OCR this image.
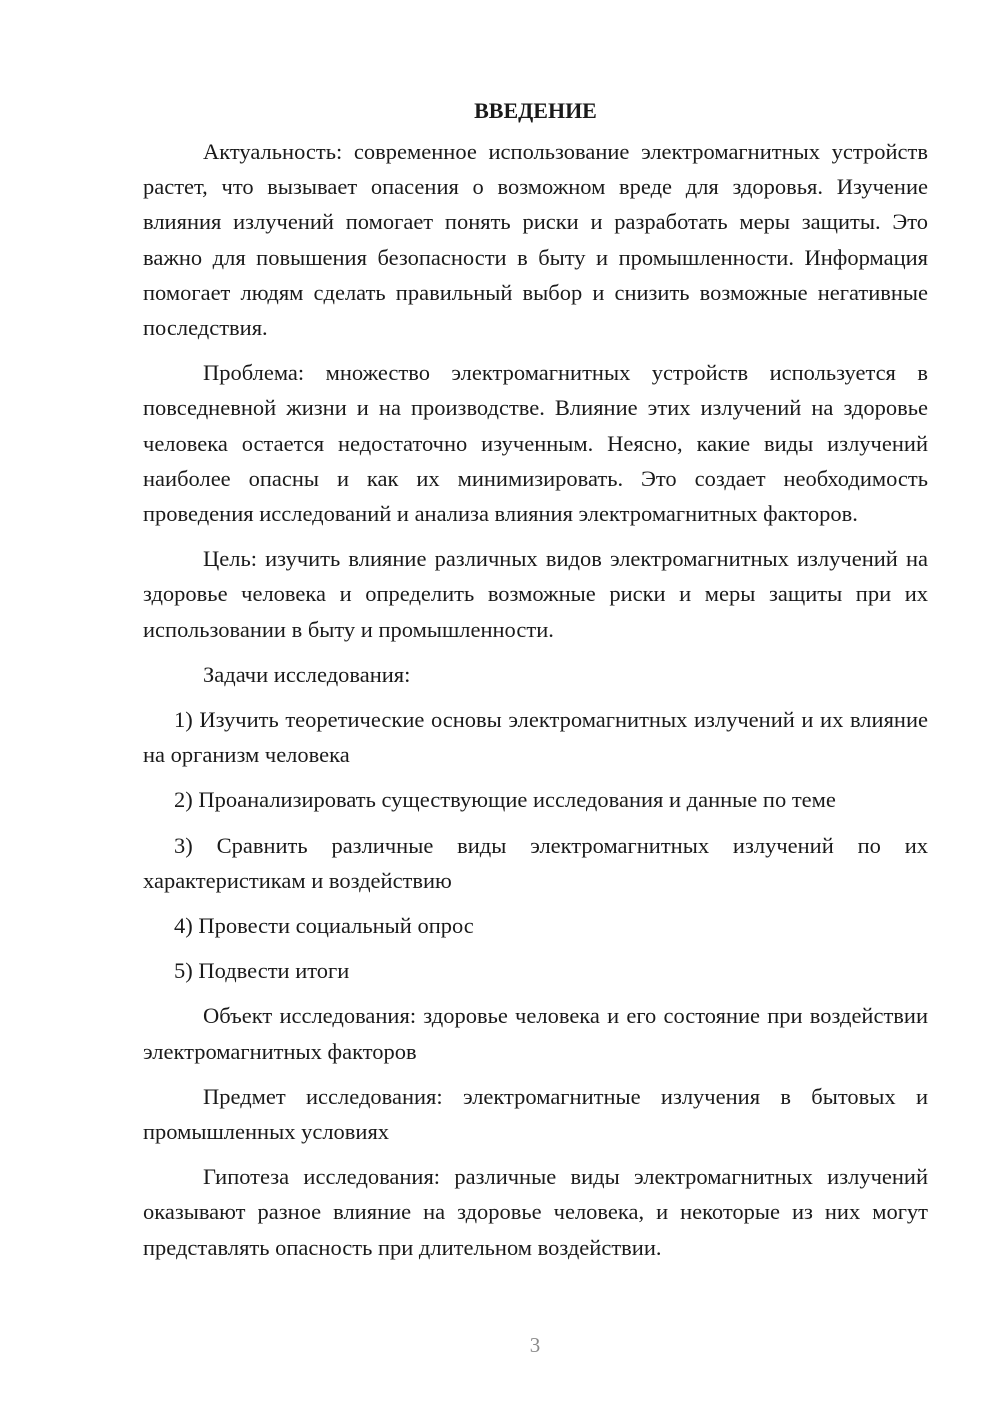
ВВЕДЕНИЕ

Актуальность: современное использование электромагнитных устройств растет, что вызывает опасения о возможном вреде для здоровья. Изучение влияния излучений помогает понять риски и разработать меры защиты. Это важно для повышения безопасности в быту и промышленности. Информация помогает людям сделать правильный выбор и снизить возможные негативные последствия.

Проблема: множество электромагнитных устройств используется в повседневной жизни и на производстве. Влияние этих излучений на здоровье человека остается недостаточно изученным. Неясно, какие виды излучений наиболее опасны и как их минимизировать. Это создает необходимость проведения исследований и анализа влияния электромагнитных факторов.

Цель: изучить влияние различных видов электромагнитных излучений на здоровье человека и определить возможные риски и меры защиты при их использовании в быту и промышленности.

Задачи исследования:

1) Изучить теоретические основы электромагнитных излучений и их влияние на организм человека

2) Проанализировать существующие исследования и данные по теме

3) Сравнить различные виды электромагнитных излучений по их характеристикам и воздействию

4) Провести социальный опрос

5) Подвести итоги

Объект исследования: здоровье человека и его состояние при воздействии электромагнитных факторов

Предмет исследования: электромагнитные излучения в бытовых и промышленных условиях

Гипотеза исследования: различные виды электромагнитных излучений оказывают разное влияние на здоровье человека, и некоторые из них могут представлять опасность при длительном воздействии.

3
